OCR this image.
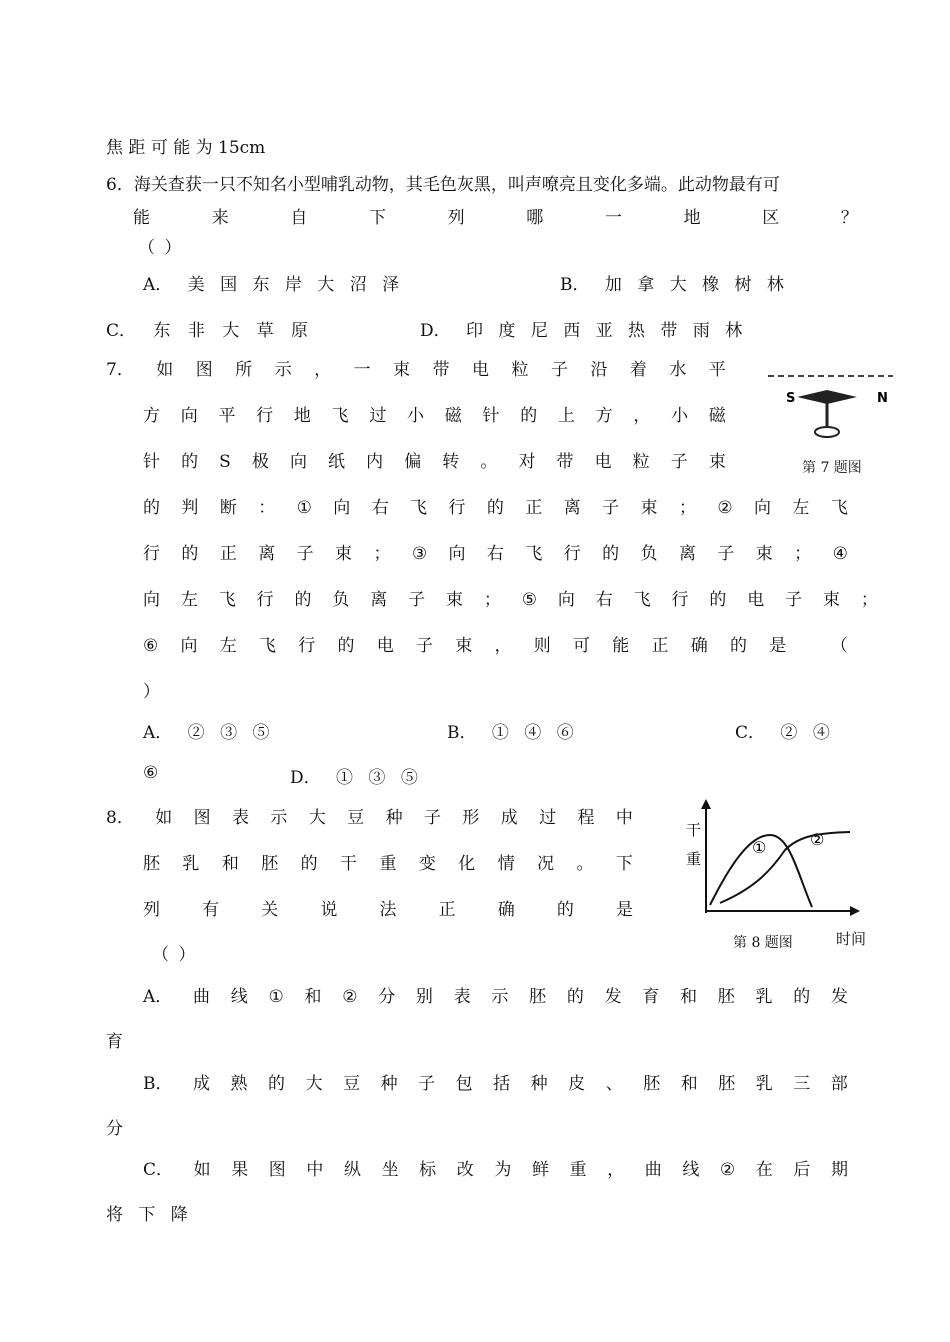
焦 距 可 能 为 15cm
6．海关查获一只不知名小型哺乳动物，其毛色灰黑，叫声嘹亮且变化多端。此动物最有可
能	来	自	下	列	哪	一	地	区	？
（ ）
A． 美 国 东 岸 大 沼 泽	B． 加 拿 大 橡 树 林
C． 东 非 大 草 原	D． 印 度 尼 西 亚 热 带 雨 林
7． 如 图 所 示 ， 一 束 带 电 粒 子 沿 着 水 平
方 向 平 行 地 飞 过 小 磁 针 的 上 方 ， 小 磁
针 的 S 极 向 纸 内 偏 转 。 对 带 电 粒 子 束
的 判 断 ： ① 向 右 飞 行 的 正 离 子 束 ； ② 向 左 飞
行 的 正 离 子 束 ； ③ 向 右 飞 行 的 负 离 子 束 ； ④
向 左 飞 行 的 负 离 子 束 ； ⑤ 向 右 飞 行 的 电 子 束 ；
⑥ 向 左 飞 行 的 电 子 束 ， 则 可 能 正 确 的 是	（
）
A． ② ③ ⑤	B． ① ④ ⑥	C． ② ④
⑥	D． ① ③ ⑤
S	N
第 7 题图
8． 如 图 表 示 大 豆 种 子 形 成 过 程 中
胚 乳 和 胚 的 干 重 变 化 情 况 。 下
列 有 关 说 法 正 确 的 是
（ ）
A． 曲 线 ① 和 ② 分 别 表 示 胚 的 发 育 和 胚 乳 的 发
育
B． 成 熟 的 大 豆 种 子 包 括 种 皮 、 胚 和 胚 乳 三 部
分
C． 如 果 图 中 纵 坐 标 改 为 鲜 重 ， 曲 线 ② 在 后 期
将 下 降
干
重
①	②
第 8 题图	时间
